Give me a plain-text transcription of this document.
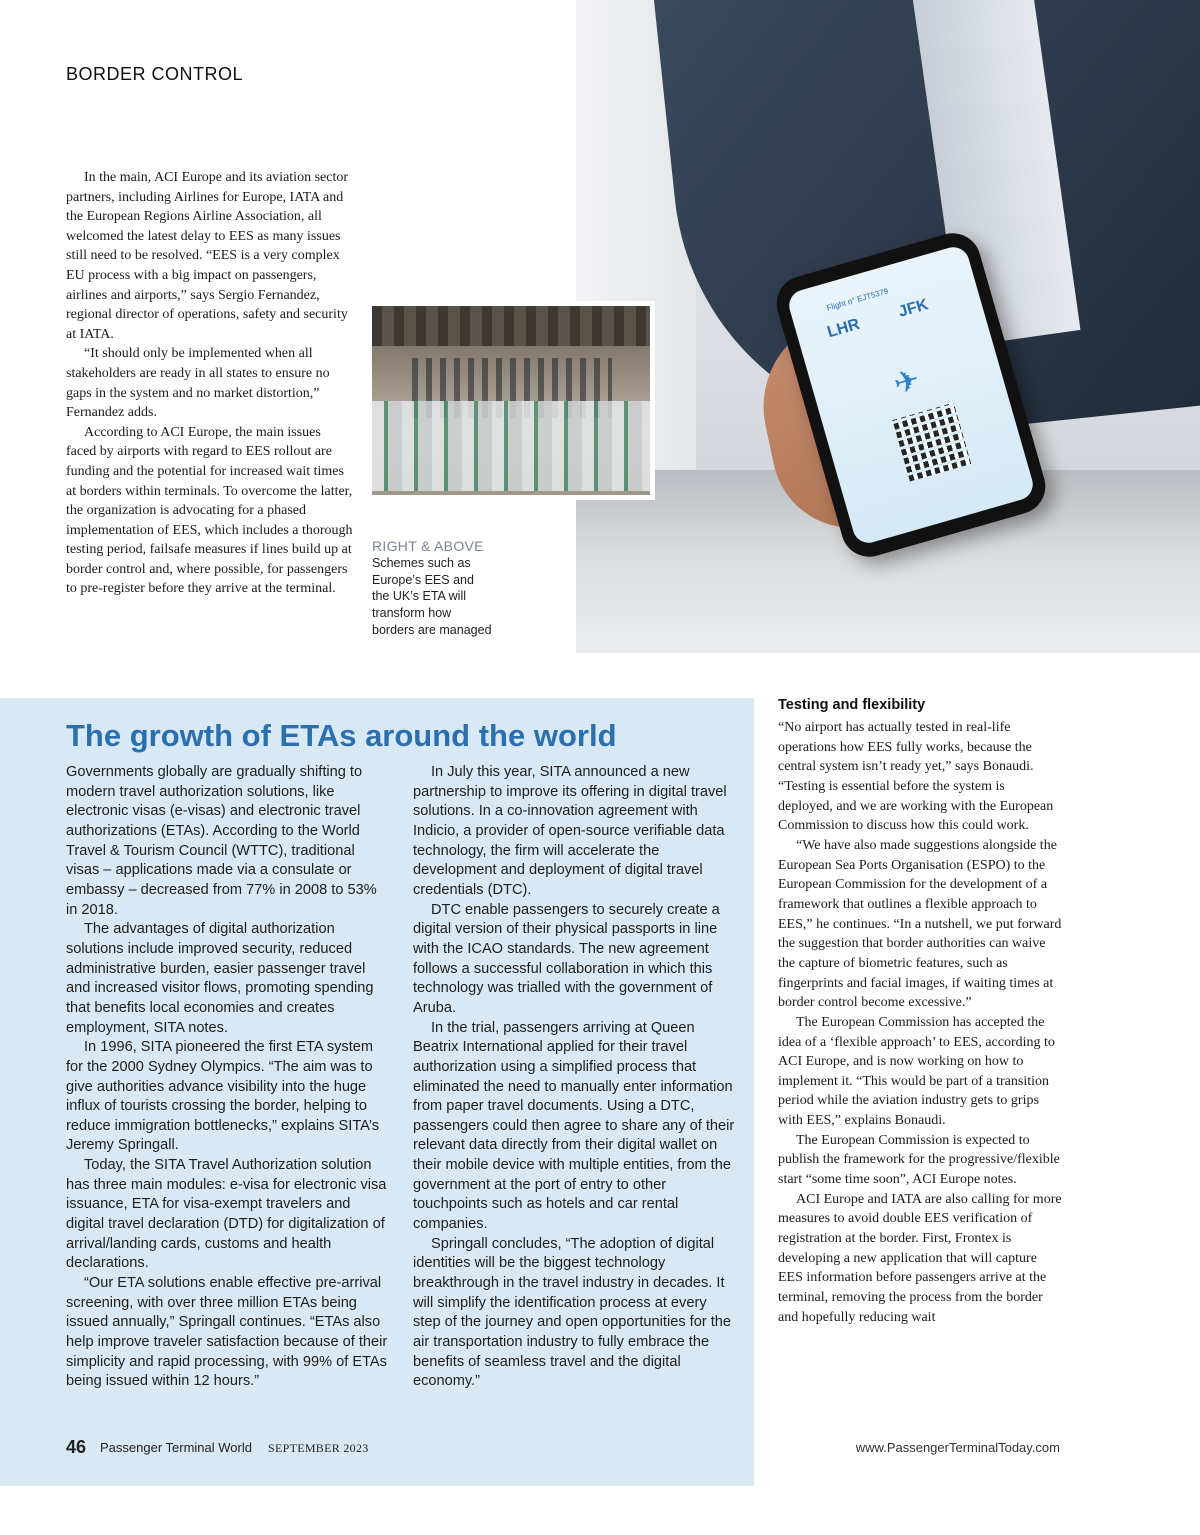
BORDER CONTROL
Flight n° EJT5379
LHR
JFK
✈
RIGHT & ABOVE
Schemes such as Europe’s EES and the UK’s ETA will transform how borders are managed

In the main, ACI Europe and its aviation sector partners, including Airlines for Europe, IATA and the European Regions Airline Association, all welcomed the latest delay to EES as many issues still need to be resolved. “EES is a very complex EU process with a big impact on passengers, airlines and airports,” says Sergio Fernandez, regional director of operations, safety and security at IATA.

“It should only be implemented when all stakeholders are ready in all states to ensure no gaps in the system and no market distortion,” Fernandez adds.

According to ACI Europe, the main issues faced by airports with regard to EES rollout are funding and the potential for increased wait times at borders within terminals. To overcome the latter, the organization is advocating for a phased implementation of EES, which includes a thorough testing period, failsafe measures if lines build up at border control and, where possible, for passengers to pre-register before they arrive at the terminal.

The growth of ETAs around the world

Governments globally are gradually shifting to modern travel authorization solutions, like electronic visas (e-visas) and electronic travel authorizations (ETAs). According to the World Travel & Tourism Council (WTTC), traditional visas – applications made via a consulate or embassy – decreased from 77% in 2008 to 53% in 2018.

The advantages of digital authorization solutions include improved security, reduced administrative burden, easier passenger travel and increased visitor flows, promoting spending that benefits local economies and creates employment, SITA notes.

In 1996, SITA pioneered the first ETA system for the 2000 Sydney Olympics. “The aim was to give authorities advance visibility into the huge influx of tourists crossing the border, helping to reduce immigration bottlenecks,” explains SITA’s Jeremy Springall.

Today, the SITA Travel Authorization solution has three main modules: e-visa for electronic visa issuance, ETA for visa-exempt travelers and digital travel declaration (DTD) for digitalization of arrival/landing cards, customs and health declarations.

“Our ETA solutions enable effective pre-arrival screening, with over three million ETAs being issued annually,” Springall continues. “ETAs also help improve traveler satisfaction because of their simplicity and rapid processing, with 99% of ETAs being issued within 12 hours.”

In July this year, SITA announced a new partnership to improve its offering in digital travel solutions. In a co-innovation agreement with Indicio, a provider of open-source verifiable data technology, the firm will accelerate the development and deployment of digital travel credentials (DTC).

DTC enable passengers to securely create a digital version of their physical passports in line with the ICAO standards. The new agreement follows a successful collaboration in which this technology was trialled with the government of Aruba.

In the trial, passengers arriving at Queen Beatrix International applied for their travel authorization using a simplified process that eliminated the need to manually enter information from paper travel documents. Using a DTC, passengers could then agree to share any of their relevant data directly from their digital wallet on their mobile device with multiple entities, from the government at the port of entry to other touchpoints such as hotels and car rental companies.

Springall concludes, “The adoption of digital identities will be the biggest technology breakthrough in the travel industry in decades. It will simplify the identification process at every step of the journey and open opportunities for the air transportation industry to fully embrace the benefits of seamless travel and the digital economy.”

Testing and flexibility

“No airport has actually tested in real-life operations how EES fully works, because the central system isn’t ready yet,” says Bonaudi. “Testing is essential before the system is deployed, and we are working with the European Commission to discuss how this could work.

“We have also made suggestions alongside the European Sea Ports Organisation (ESPO) to the European Commission for the development of a framework that outlines a flexible approach to EES,” he continues. “In a nutshell, we put forward the suggestion that border authorities can waive the capture of biometric features, such as fingerprints and facial images, if waiting times at border control become excessive.”

The European Commission has accepted the idea of a ‘flexible approach’ to EES, according to ACI Europe, and is now working on how to implement it. “This would be part of a transition period while the aviation industry gets to grips with EES,” explains Bonaudi.

The European Commission is expected to publish the framework for the progressive/flexible start “some time soon”, ACI Europe notes.

ACI Europe and IATA are also calling for more measures to avoid double EES verification of registration at the border. First, Frontex is developing a new application that will capture EES information before passengers arrive at the terminal, removing the process from the border and hopefully reducing wait

46 Passenger Terminal World SEPTEMBER 2023	www.PassengerTerminalToday.com
